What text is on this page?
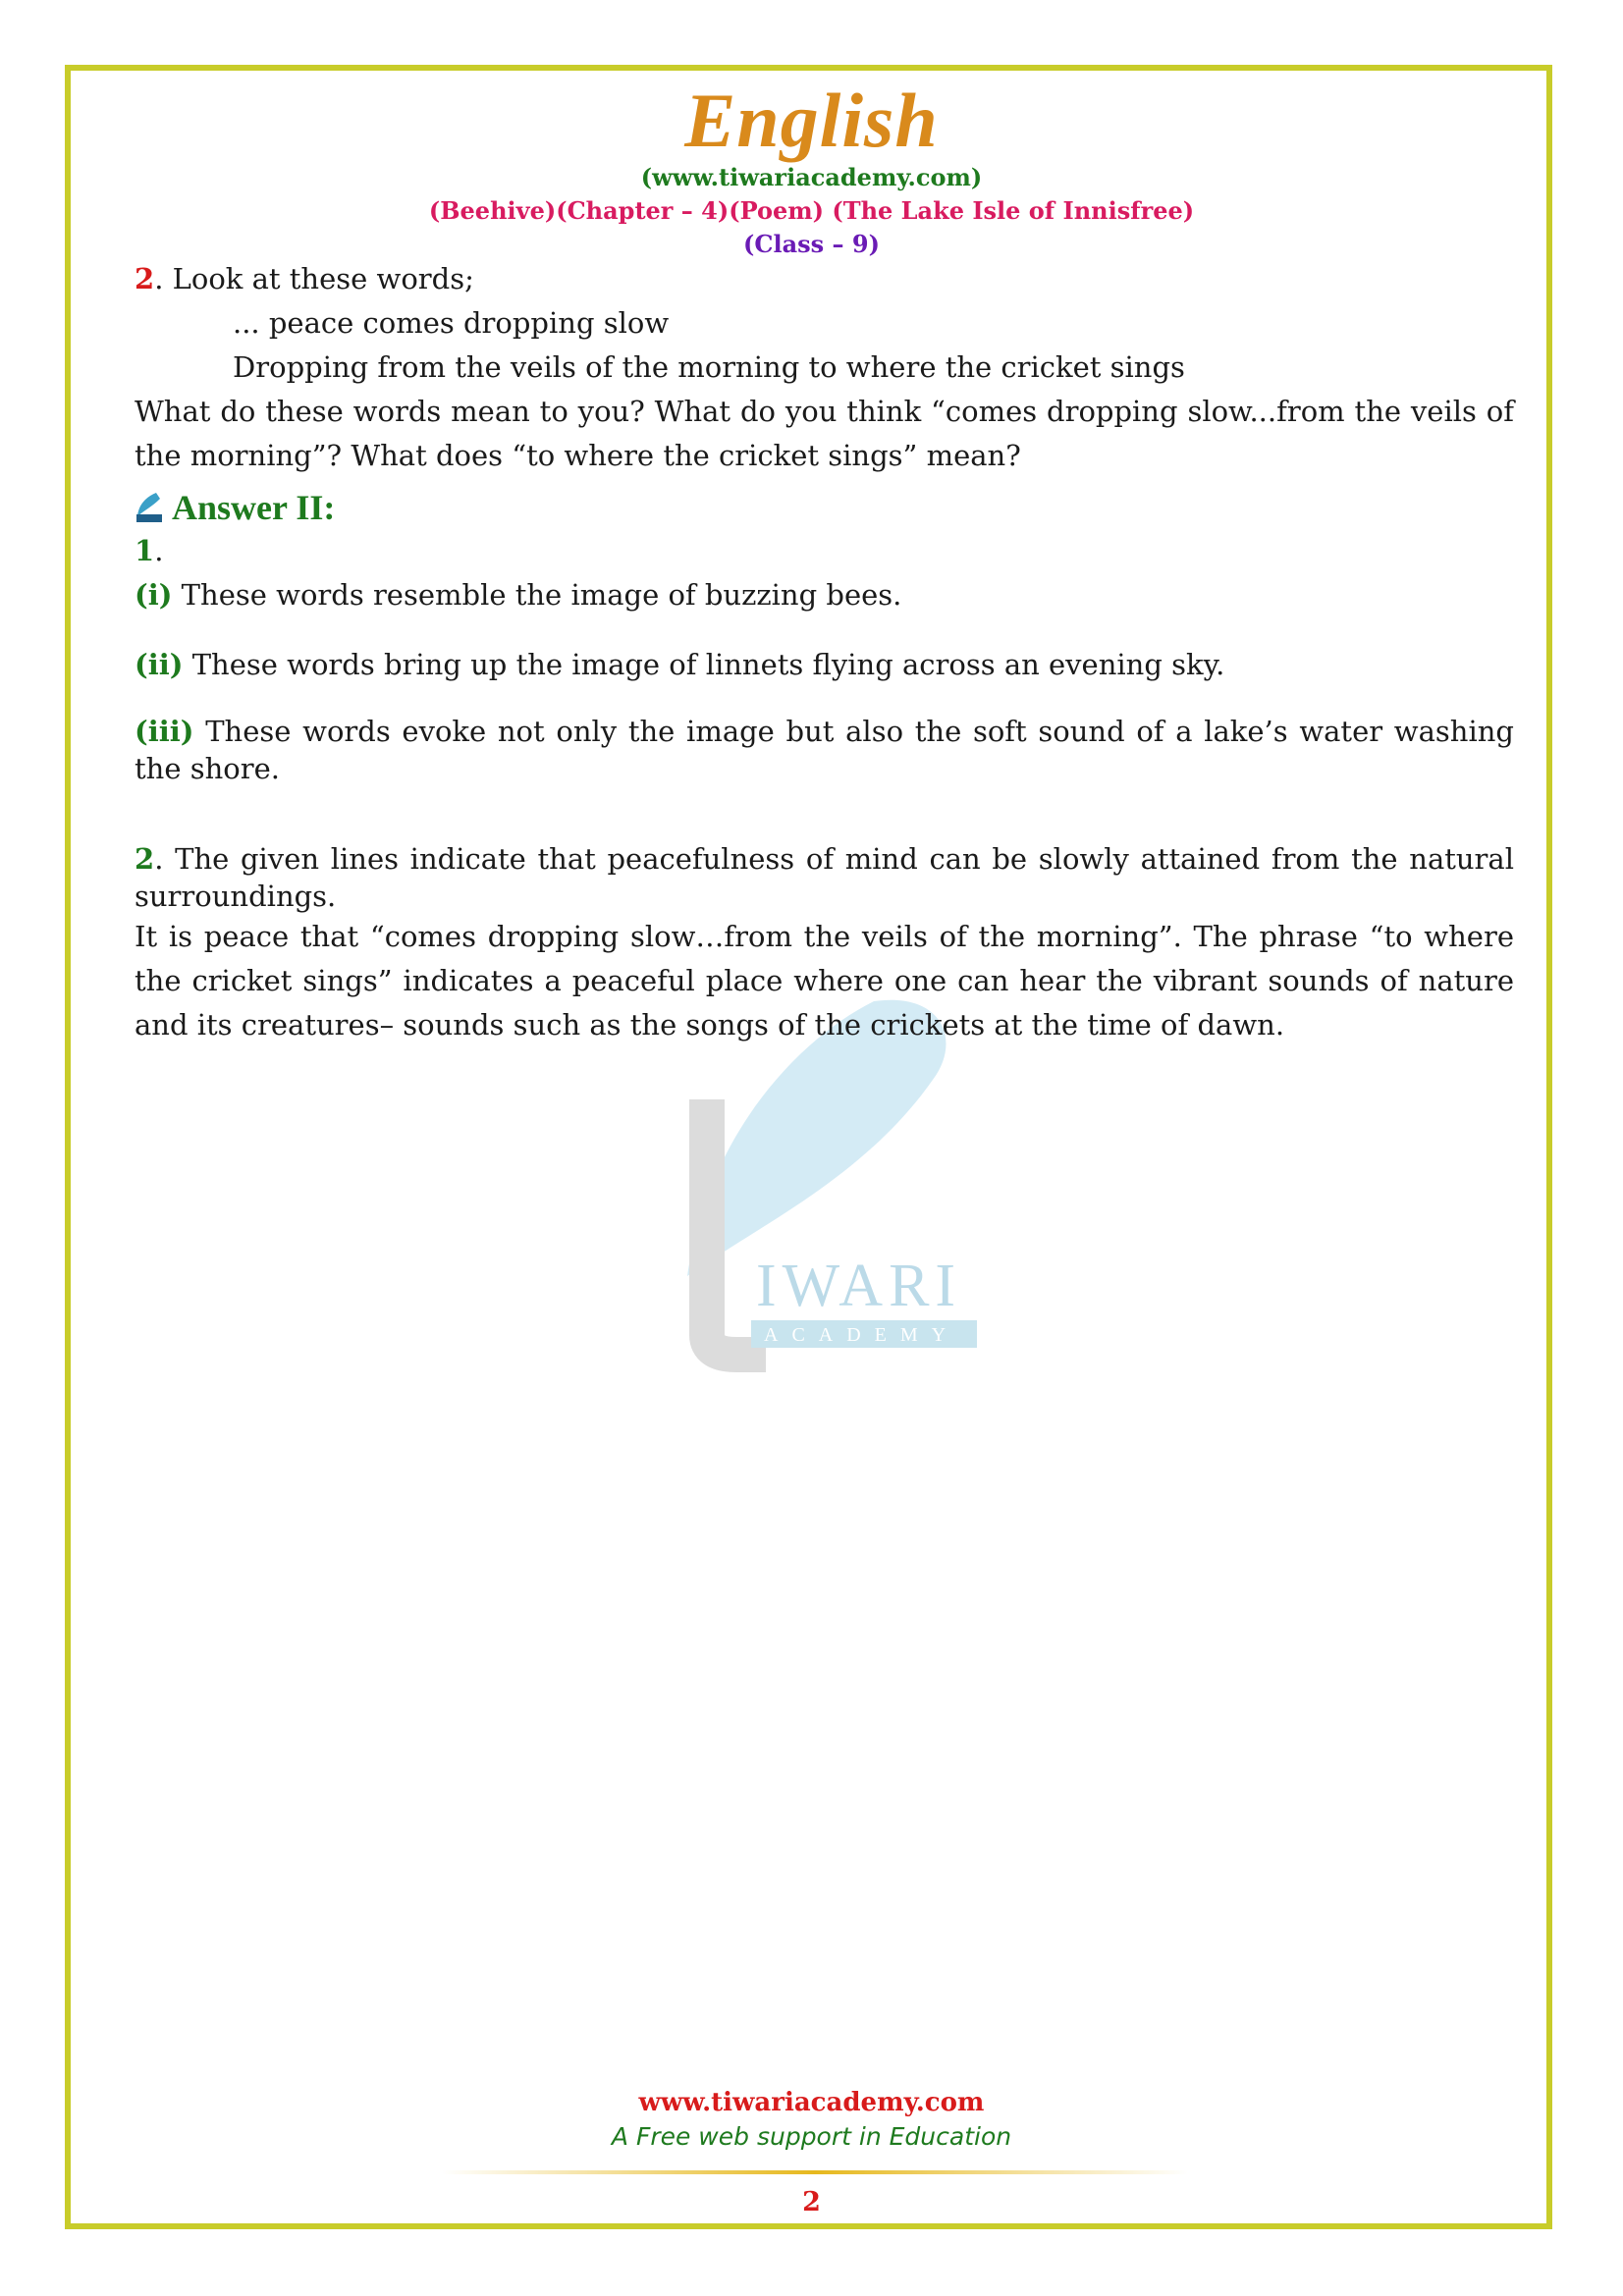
English
(www.tiwariacademy.com)
(Beehive)(Chapter – 4)(Poem) (The Lake Isle of Innisfree)
(Class – 9)
IWARI
ACADEMY

2. Look at these words;

... peace comes dropping slow

Dropping from the veils of the morning to where the cricket sings

What do these words mean to you? What do you think “comes dropping slow...from the veils of the morning”? What does “to where the cricket sings” mean?

Answer II:

1.

(i) These words resemble the image of buzzing bees.

(ii) These words bring up the image of linnets flying across an evening sky.

(iii) These words evoke not only the image but also the soft sound of a lake’s water washing the shore.

2. The given lines indicate that peacefulness of mind can be slowly attained from the natural surroundings.

It is peace that “comes dropping slow…from the veils of the morning”. The phrase “to where the cricket sings” indicates a peaceful place where one can hear the vibrant sounds of nature and its creatures– sounds such as the songs of the crickets at the time of dawn.

www.tiwariacademy.com
A Free web support in Education
2
